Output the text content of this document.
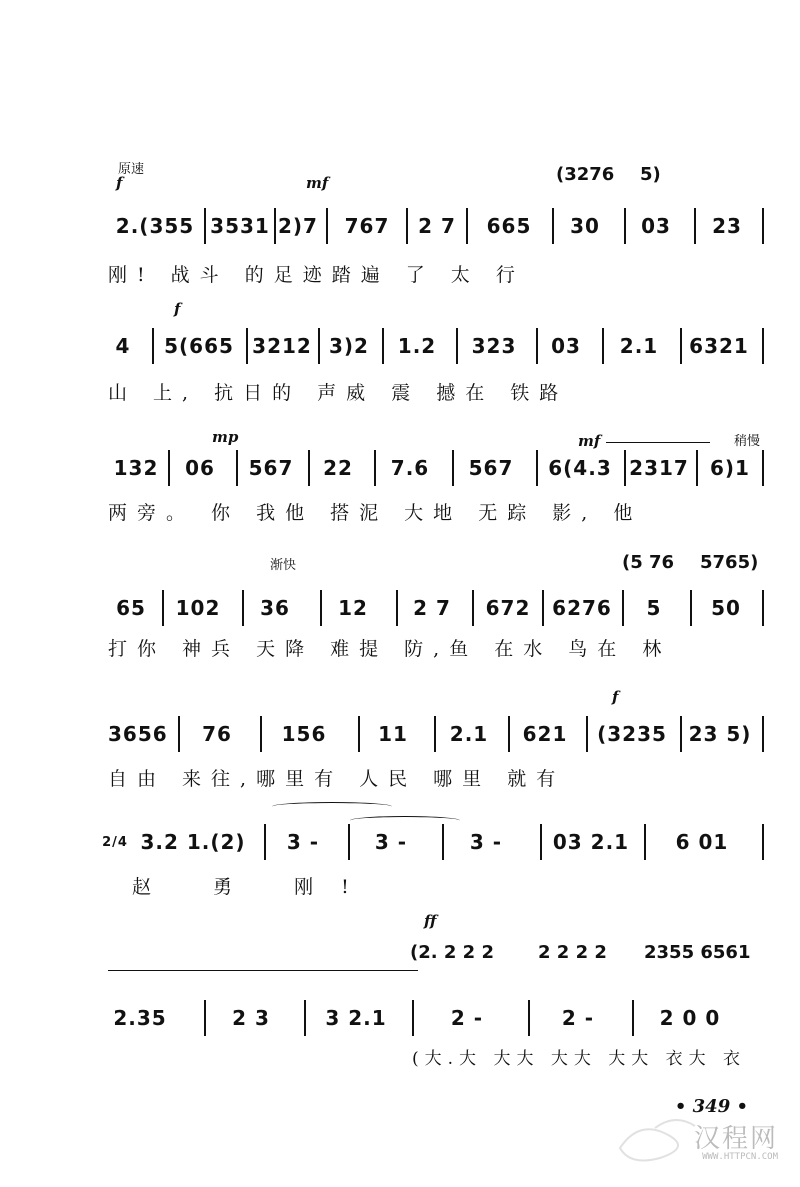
原速
f	mf	(3276 5)
2.(355 3531 2)7	767	2 7	665	30	03	23
刚! 战斗 的足迹踏遍 了 太 行
f
4	5(665 3212 3)2	1.2	323	03	2.1	6321
山 上, 抗日的 声威 震 撼在 铁路
mp	mf	稍慢
132	06	567	22	7.6	567	6(4.3 2317	6)1
两旁。 你 我他 搭泥 大地 无踪 影, 他
渐快	(5 76 5765)
65	102	36	12	2 7	672	6276	5	50
打你 神兵 天降 难提 防,鱼 在水 鸟在 林
f
3656	76	156	11	2.1	621	(3235	23 5)
自由 来往,哪里有 人民 哪里 就有
2/4 3.2 1.(2)	3 -	3 -	3 -	03 2.1	6 01
赵 勇 刚!
ff
(2. 2 2 2 2 2 2 2 2355 6561
2.35	2 3	3 2.1	2 -	2 -	2 0 0
(大.大 大大 大大 大大 衣大 衣
• 349 •
汉程网
WWW.HTTPCN.COM
